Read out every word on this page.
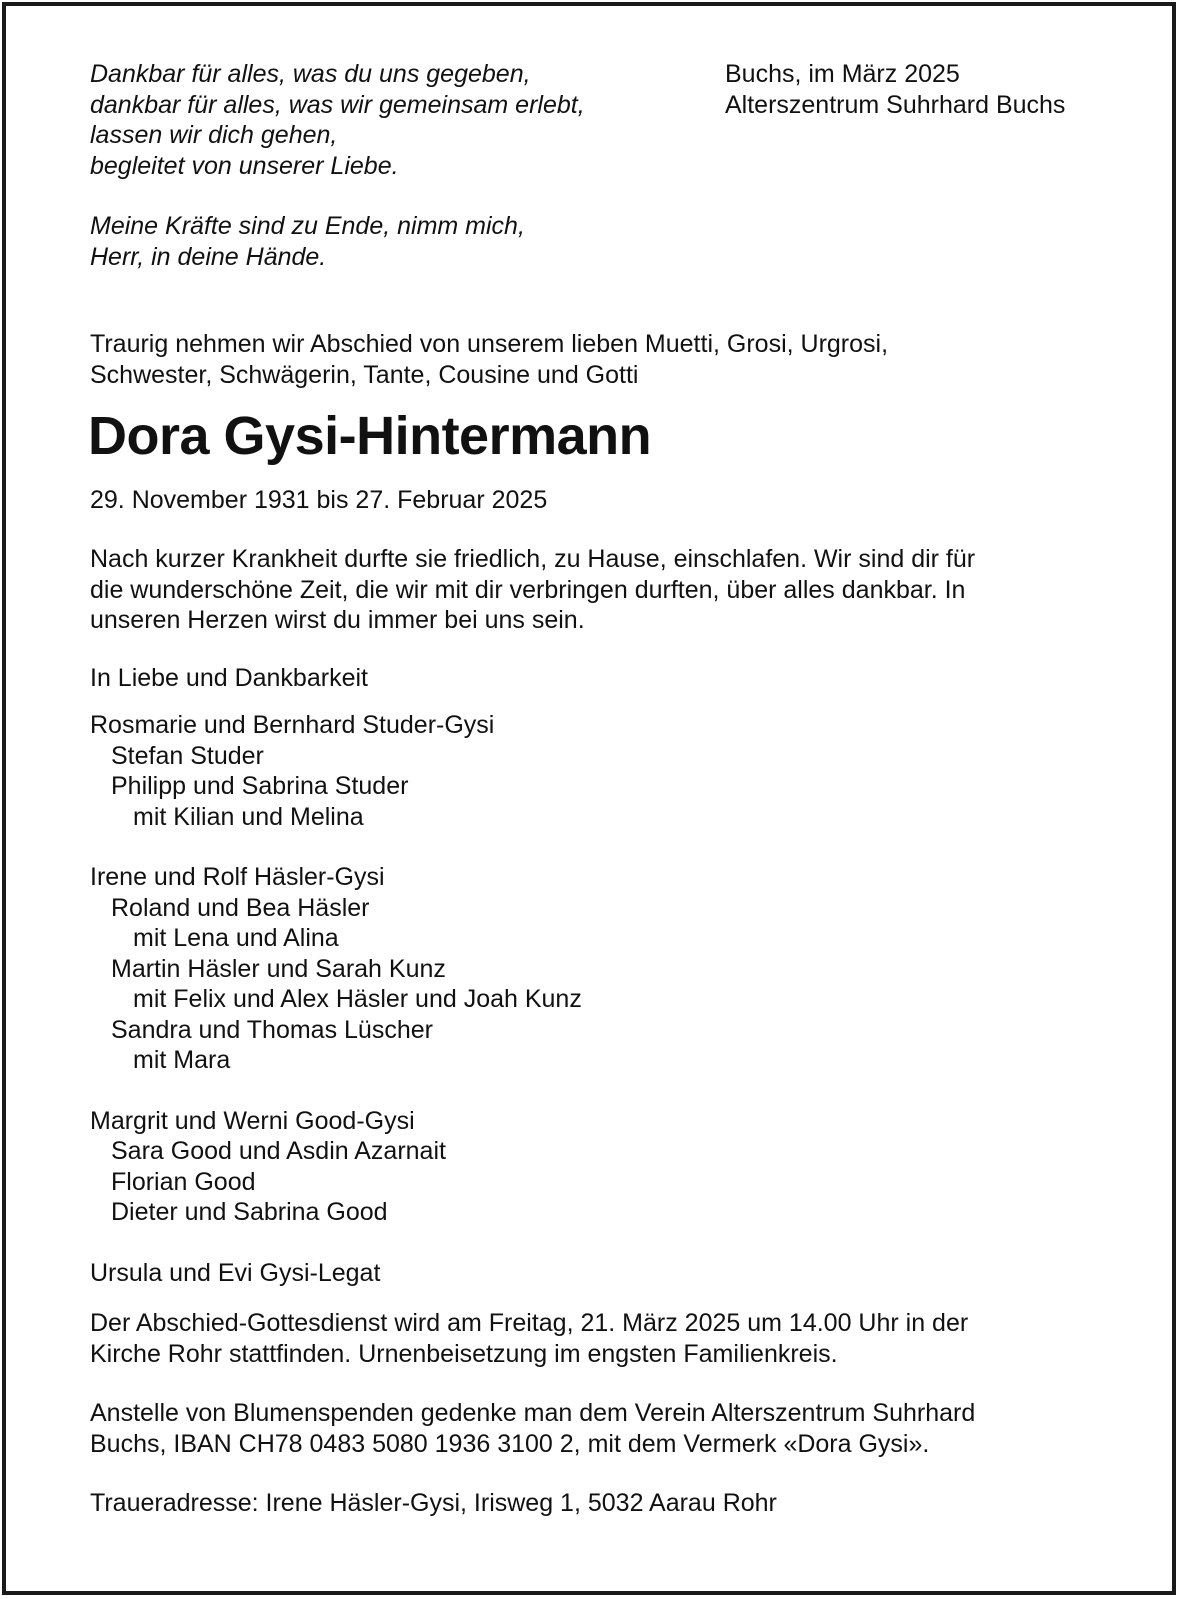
Dankbar für alles, was du uns gegeben,
dankbar für alles, was wir gemeinsam erlebt,
lassen wir dich gehen,
begleitet von unserer Liebe.
Meine Kräfte sind zu Ende, nimm mich,
Herr, in deine Hände.
Buchs, im März 2025
Alterszentrum Suhrhard Buchs
Traurig nehmen wir Abschied von unserem lieben Muetti, Grosi, Urgrosi,
Schwester, Schwägerin, Tante, Cousine und Gotti
Dora Gysi-Hintermann
29. November 1931 bis 27. Februar 2025
Nach kurzer Krankheit durfte sie friedlich, zu Hause, einschlafen. Wir sind dir für
die wunderschöne Zeit, die wir mit dir verbringen durften, über alles dankbar. In
unseren Herzen wirst du immer bei uns sein.
In Liebe und Dankbarkeit
Rosmarie und Bernhard Studer-Gysi
Stefan Studer
Philipp und Sabrina Studer
mit Kilian und Melina
Irene und Rolf Häsler-Gysi
Roland und Bea Häsler
mit Lena und Alina
Martin Häsler und Sarah Kunz
mit Felix und Alex Häsler und Joah Kunz
Sandra und Thomas Lüscher
mit Mara
Margrit und Werni Good-Gysi
Sara Good und Asdin Azarnait
Florian Good
Dieter und Sabrina Good
Ursula und Evi Gysi-Legat
Der Abschied-Gottesdienst wird am Freitag, 21. März 2025 um 14.00 Uhr in der
Kirche Rohr stattfinden. Urnenbeisetzung im engsten Familienkreis.
Anstelle von Blumenspenden gedenke man dem Verein Alterszentrum Suhrhard
Buchs, IBAN CH78 0483 5080 1936 3100 2, mit dem Vermerk «Dora Gysi».
Traueradresse: Irene Häsler-Gysi, Irisweg 1, 5032 Aarau Rohr
